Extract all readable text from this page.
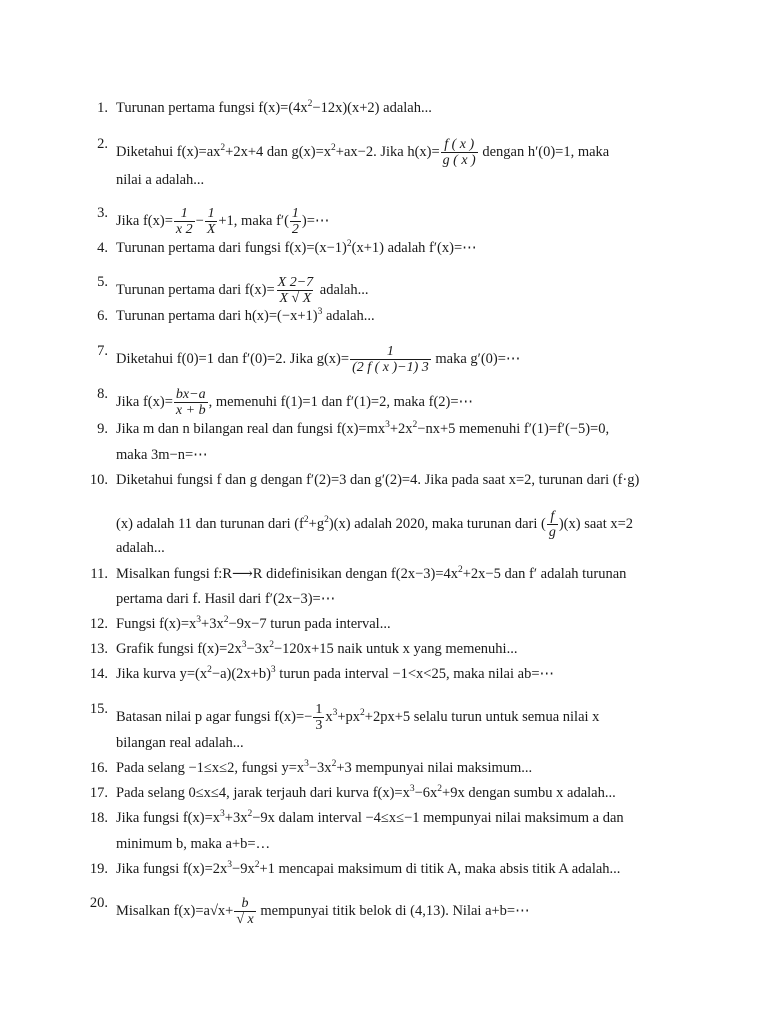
1. Turunan pertama fungsi $f(x)=(4x^2-12x)(x+2)$ adalah...
2.
Diketahui $f(x)=ax^2+2x+4$ dan $g(x)=x^2+ax-2$. Jika $h(x)= \frac{f ( x )}{g ( x )}$ dengan h′(0)=1, maka
nilai a adalah...
3.
Jika $f(x)= \frac{1}{x 2} - \frac{1}{X} +1$, maka $f'( \frac{1}{2}$ )=⋯
4. Turunan pertama dari fungsi $f(x)=(x-1)^2(x+1)$ adalah f′(x)=⋯
5.
Turunan pertama dari $f(x)= \frac{X 2-7}{X √ X}$ adalah...
6. Turunan pertama dari $h(x)=(-x+1)^3$ adalah...
7.
Diketahui f(0)=1 dan f′(0)=2. Jika $g(x)= \frac{1}{(2 f ( x )-1) 3}$ maka g′(0)=⋯
8.
Jika $f(x)= \frac{bx-a}{x + b}$ , memenuhi f(1)=1 dan f′(1)=2, maka f(2)=⋯
9. Jika m dan n bilangan real dan fungsi $f(x)=mx^3+2x^2-nx+5$ memenuhi f′(1)=f′(−5)=0,
maka 3m−n=⋯
10. Diketahui fungsi f dan g dengan f′(2)=3 dan g′(2)=4. Jika pada saat x=2, turunan dari (f·g)
(x) adalah 11 dan turunan dari $(f^2+g^2)(x)$ adalah 2020, maka turunan dari ( $\frac{f}{g} )(x)$ saat x=2
adalah...
11. Misalkan fungsi f:R⟶R didefinisikan dengan $f(2x-3)=4x^2+2x-5$ dan f′ adalah turunan
pertama dari f. Hasil dari f′(2x−3)=⋯
12. Fungsi $f(x)=x^3+3x^2-9x-7$ turun pada interval...
13. Grafik fungsi $f(x)=2x^3-3x^2-120x+15$ naik untuk x yang memenuhi...
14. Jika kurva $y=(x^2-a)(2x+b)^3$ turun pada interval −1<x<25, maka nilai ab=⋯
15.
Batasan nilai p agar fungsi $f(x)=- \frac{1}{3} x^3+px^2+2px+5$ selalu turun untuk semua nilai x
bilangan real adalah...
16. Pada selang −1≤x≤2, fungsi $y=x^3-3x^2+3$ mempunyai nilai maksimum...
17. Pada selang 0≤x≤4, jarak terjauh dari kurva $f(x)=x^3-6x^2+9x$ dengan sumbu x adalah...
18. Jika fungsi $f(x)=x^3+3x^2-9x$ dalam interval −4≤x≤−1 mempunyai nilai maksimum a dan
minimum b, maka a+b=…
19. Jika fungsi $f(x)=2x^3-9x^2+1$ mencapai maksimum di titik A, maka absis titik A adalah...
20.
Misalkan $f(x)=a√x+ \frac{b}{√ x}$ mempunyai titik belok di (4,13). Nilai a+b=⋯
